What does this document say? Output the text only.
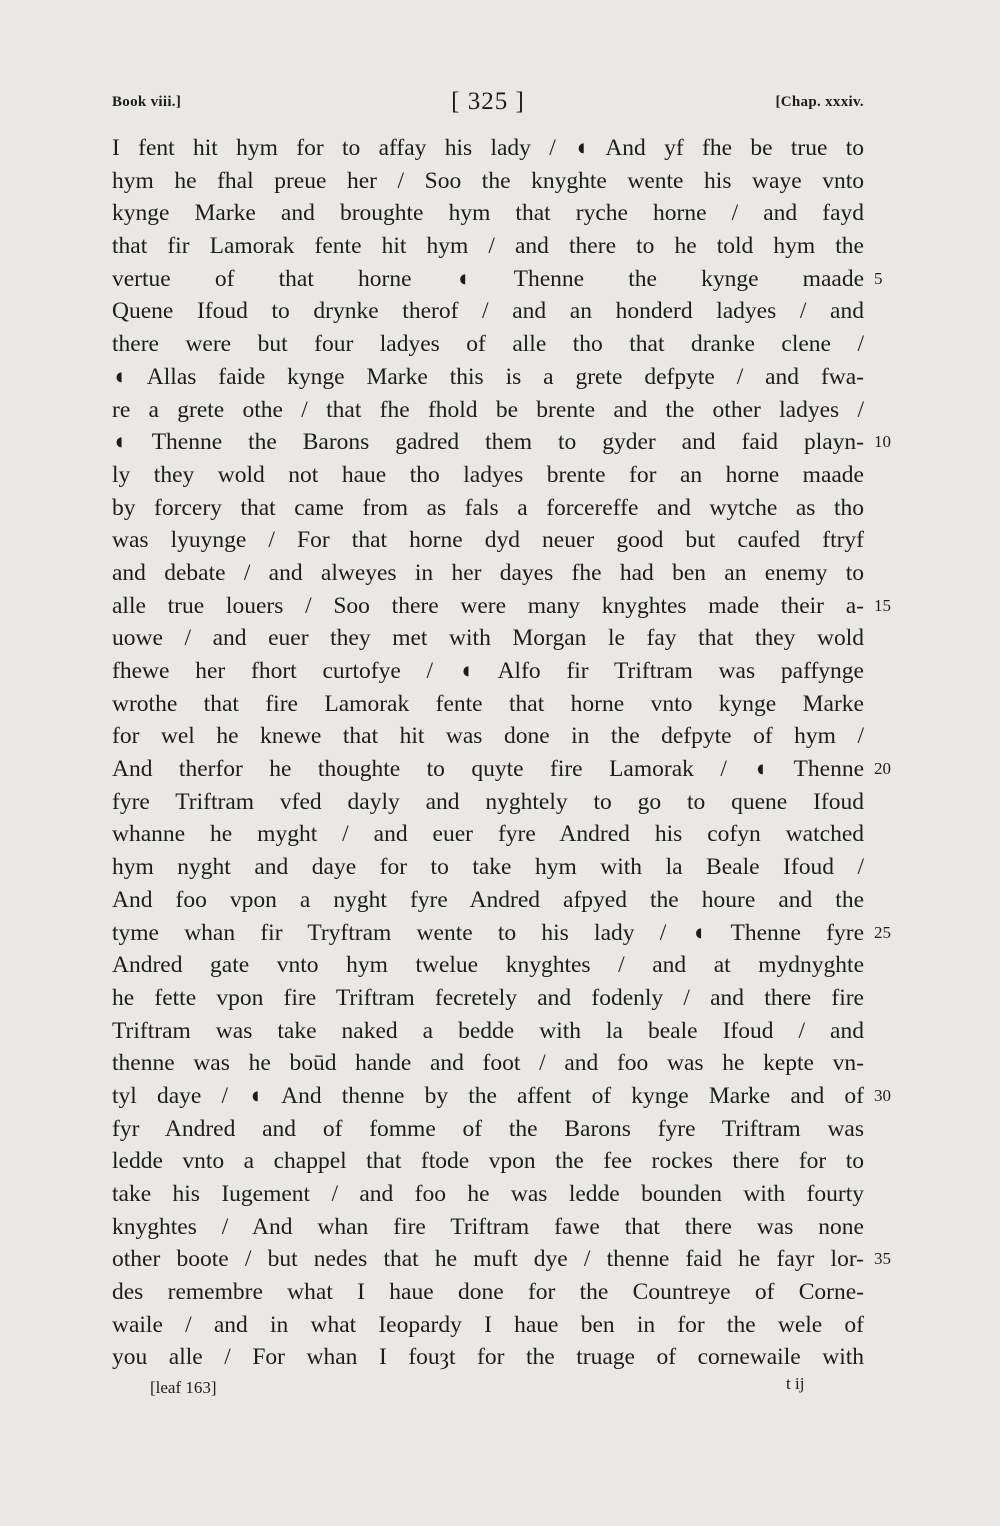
Book viii.]	[ 325 ]	[Chap. xxxiv.
I fent hit hym for to affay his lady / ◖ And yf fhe be true to
hym he fhal preue her / Soo the knyghte wente his waye vnto
kynge Marke and broughte hym that ryche horne / and fayd
that fir Lamorak fente hit hym / and there to he told hym the
vertue of that horne ◖ Thenne the kynge maade 5
Quene Ifoud to drynke therof / and an honderd ladyes / and
there were but four ladyes of alle tho that dranke clene /
◖ Allas faide kynge Marke this is a grete defpyte / and fwa-
re a grete othe / that fhe fhold be brente and the other ladyes /
◖ Thenne the Barons gadred them to gyder and faid playn- 10
ly they wold not haue tho ladyes brente for an horne maade
by forcery that came from as fals a forcereffe and wytche as tho
was lyuynge / For that horne dyd neuer good but caufed ftryf
and debate / and alweyes in her dayes fhe had ben an enemy to
alle true louers / Soo there were many knyghtes made their a- 15
uowe / and euer they met with Morgan le fay that they wold
fhewe her fhort curtofye / ◖ Alfo fir Triftram was paffynge
wrothe that fire Lamorak fente that horne vnto kynge Marke
for wel he knewe that hit was done in the defpyte of hym /
And therfor he thoughte to quyte fire Lamorak / ◖ Thenne 20
fyre Triftram vfed dayly and nyghtely to go to quene Ifoud
whanne he myght / and euer fyre Andred his cofyn watched
hym nyght and daye for to take hym with la Beale Ifoud /
And foo vpon a nyght fyre Andred afpyed the houre and the
tyme whan fir Tryftram wente to his lady / ◖ Thenne fyre 25
Andred gate vnto hym twelue knyghtes / and at mydnyghte
he fette vpon fire Triftram fecretely and fodenly / and there fire
Triftram was take naked a bedde with la beale Ifoud / and
thenne was he boūd hande and foot / and foo was he kepte vn-
tyl daye / ◖ And thenne by the affent of kynge Marke and of 30
fyr Andred and of fomme of the Barons fyre Triftram was
ledde vnto a chappel that ftode vpon the fee rockes there for to
take his Iugement / and foo he was ledde bounden with fourty
knyghtes / And whan fire Triftram fawe that there was none
other boote / but nedes that he muft dye / thenne faid he fayr lor- 35
des remembre what I haue done for the Countreye of Corne-
waile / and in what Ieopardy I haue ben in for the wele of
you alle / For whan I fouȝt for the truage of cornewaile with
[leaf 163]	t ij
